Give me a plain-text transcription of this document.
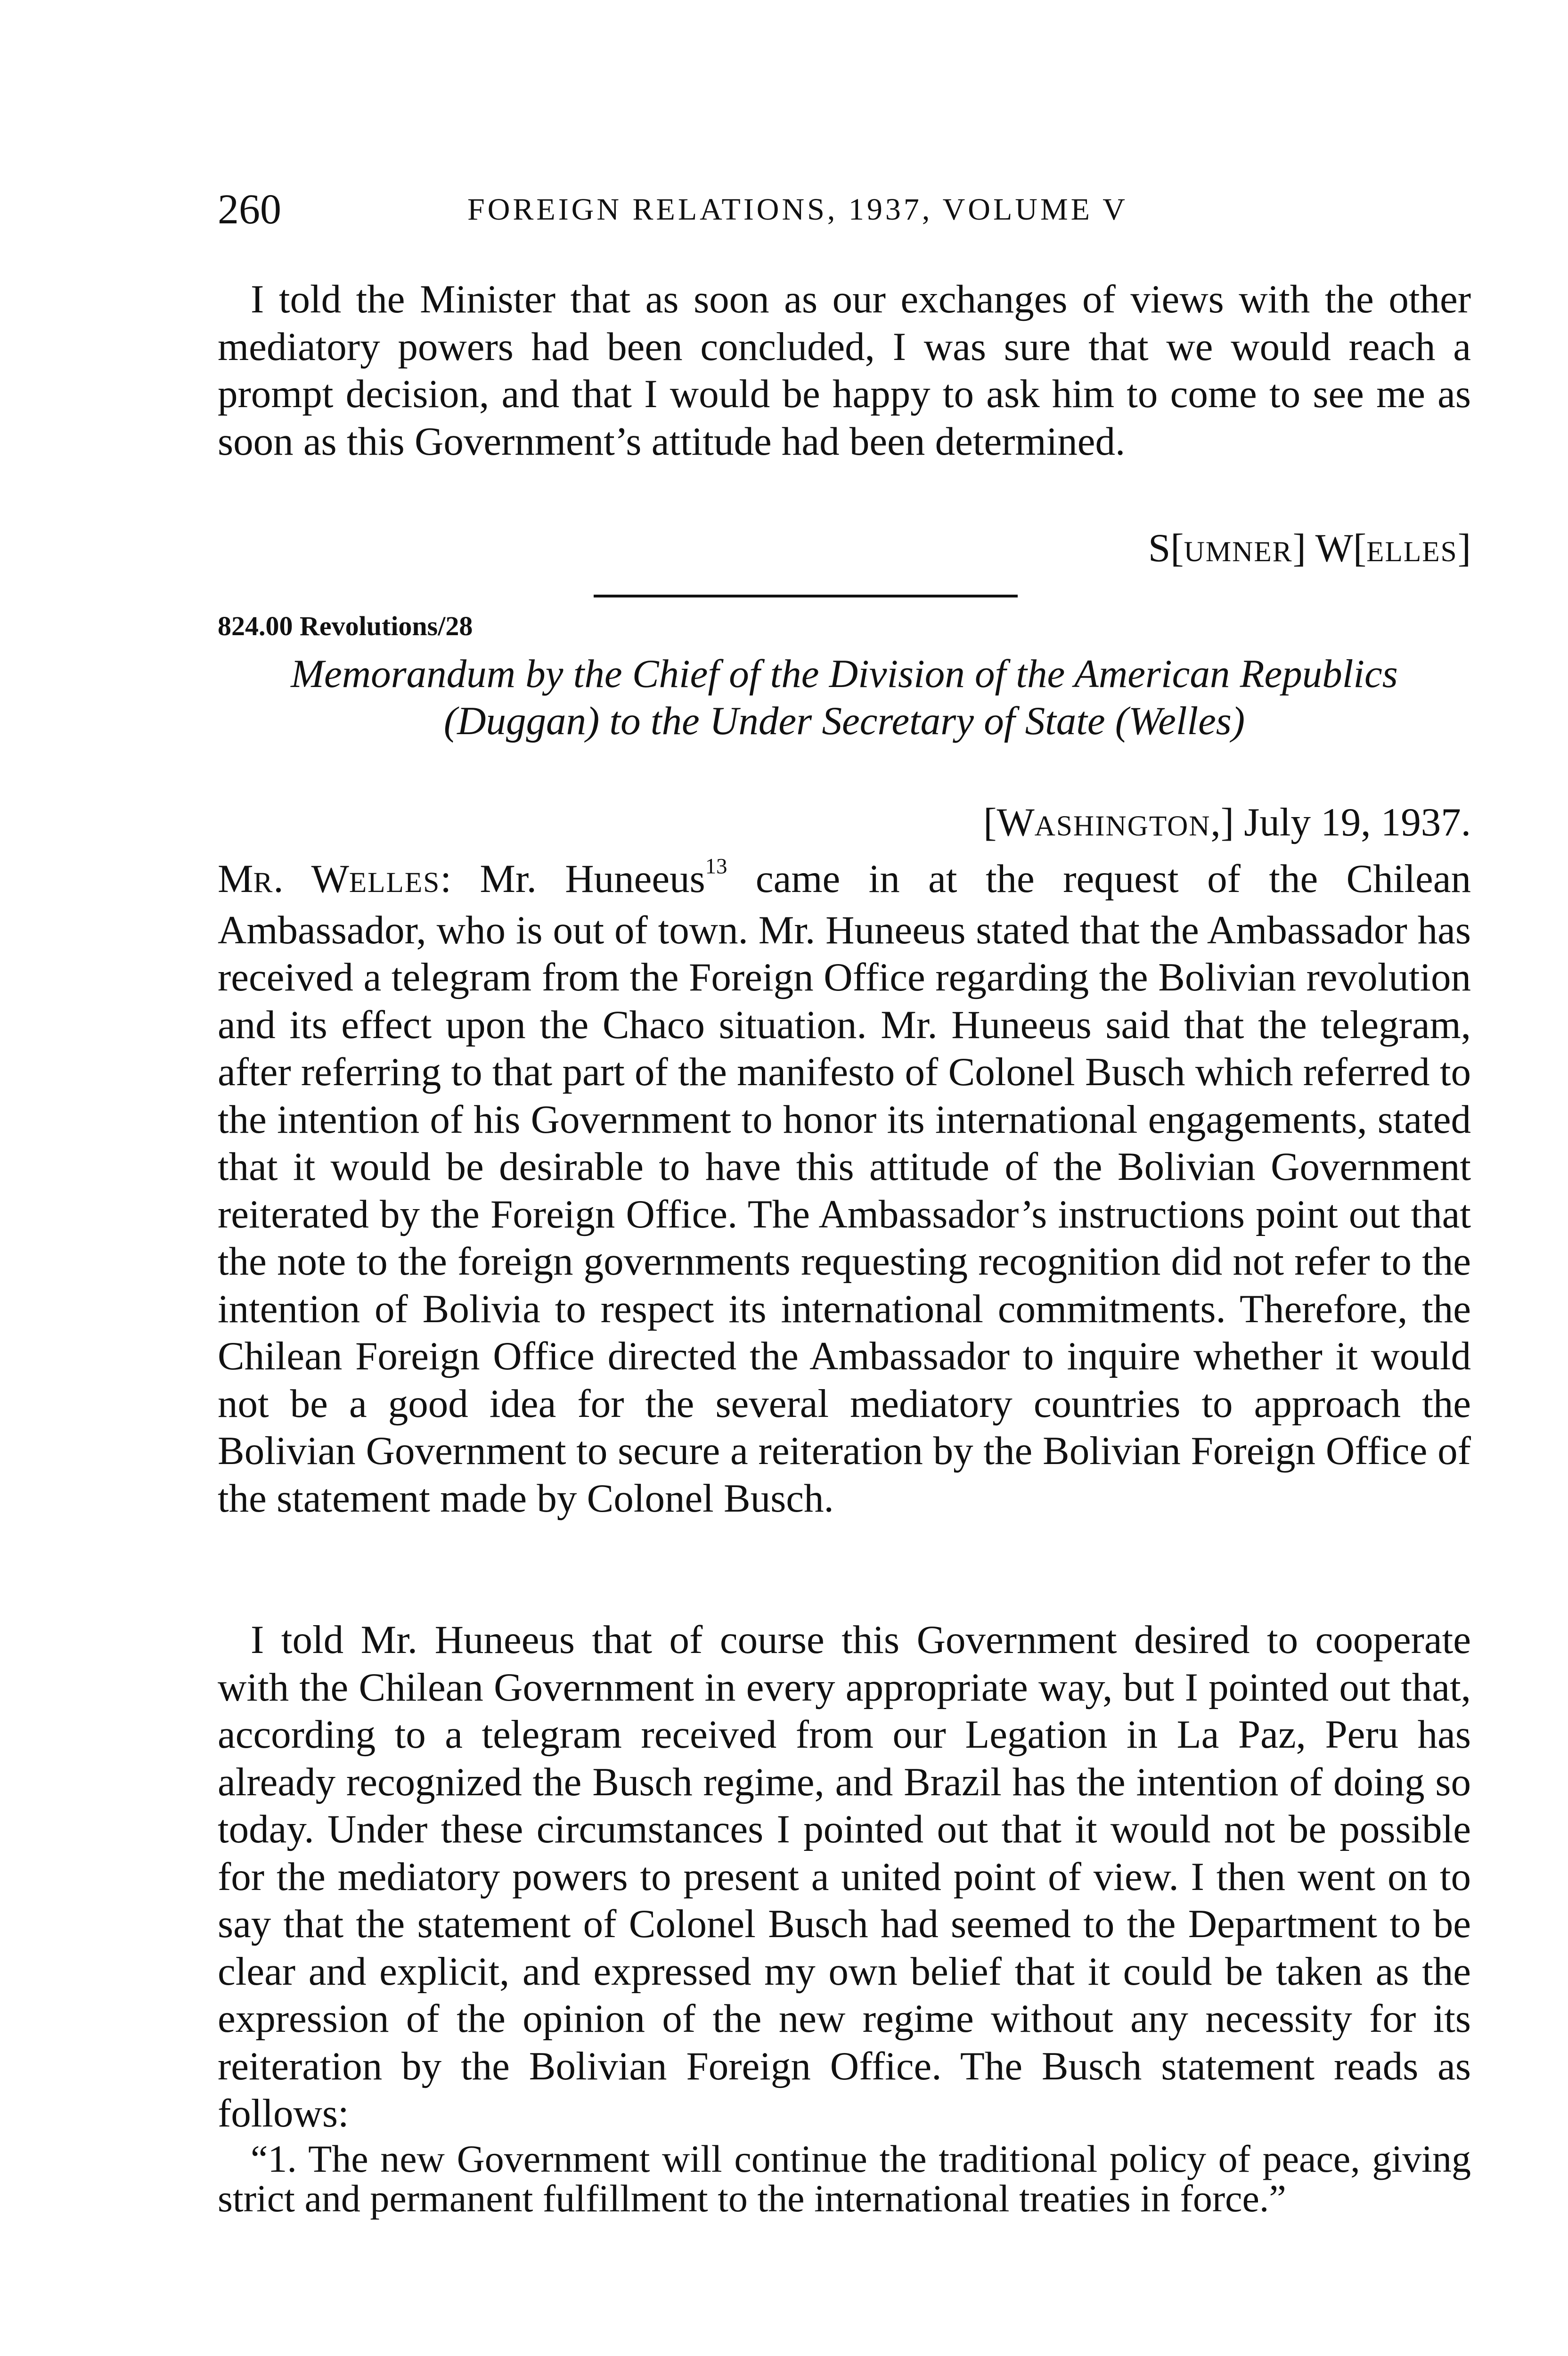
260	FOREIGN RELATIONS, 1937, VOLUME V

I told the Minister that as soon as our exchanges of views with the other mediatory powers had been concluded, I was sure that we would reach a prompt decision, and that I would be happy to ask him to come to see me as soon as this Government’s attitude had been determined.

S[UMNER] W[ELLES]
824.00 Revolutions/28
Memorandum by the Chief of the Division of the American Republics
(Duggan) to the Under Secretary of State (Welles)
[WASHINGTON,] July 19, 1937.

MR. WELLES: Mr. Huneeus$^{13}$ came in at the request of the Chilean Ambassador, who is out of town. Mr. Huneeus stated that the Ambassador has received a telegram from the Foreign Office regarding the Bolivian revolution and its effect upon the Chaco situation. Mr. Huneeus said that the telegram, after referring to that part of the manifesto of Colonel Busch which referred to the intention of his Government to honor its international engagements, stated that it would be desirable to have this attitude of the Bolivian Government reiterated by the Foreign Office. The Ambassador’s instructions point out that the note to the foreign governments requesting recognition did not refer to the intention of Bolivia to respect its international commitments. Therefore, the Chilean Foreign Office directed the Ambassador to inquire whether it would not be a good idea for the several mediatory countries to approach the Bolivian Government to secure a reiteration by the Bolivian Foreign Office of the statement made by Colonel Busch.

I told Mr. Huneeus that of course this Government desired to cooperate with the Chilean Government in every appropriate way, but I pointed out that, according to a telegram received from our Legation in La Paz, Peru has already recognized the Busch regime, and Brazil has the intention of doing so today. Under these circumstances I pointed out that it would not be possible for the mediatory powers to present a united point of view. I then went on to say that the statement of Colonel Busch had seemed to the Department to be clear and explicit, and expressed my own belief that it could be taken as the expression of the opinion of the new regime without any necessity for its reiteration by the Bolivian Foreign Office. The Busch statement reads as follows:

“1. The new Government will continue the traditional policy of peace, giving strict and permanent fulfillment to the international treaties in force.”
